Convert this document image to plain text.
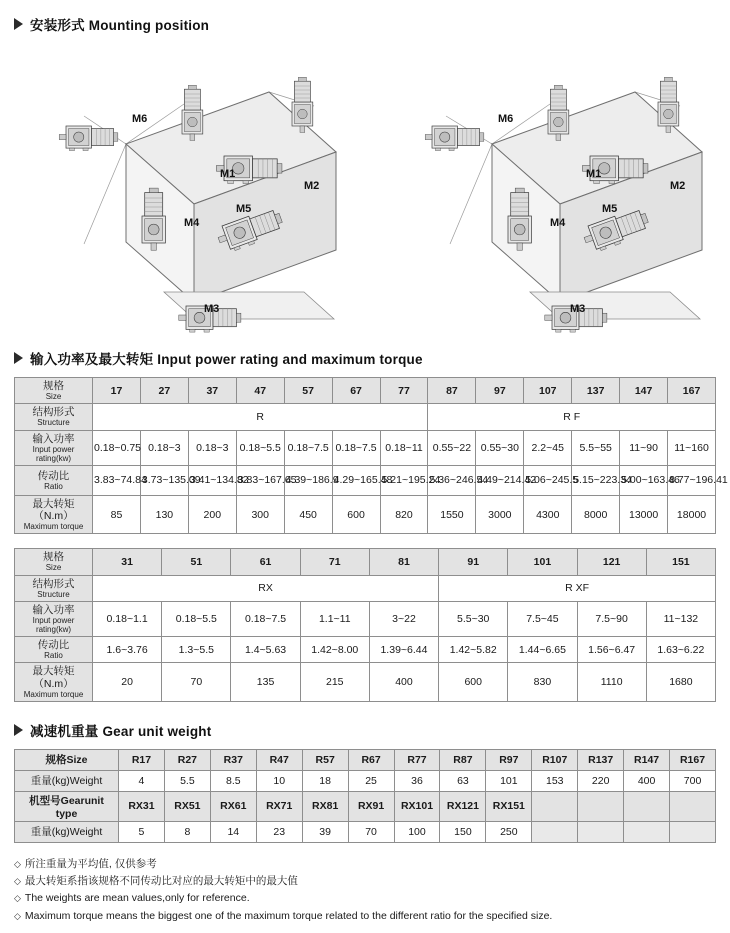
安装形式 Mounting position
M6
M1
M2
M5
M4
M3
M6
M1
M2
M5
M4
M3
输入功率及最大转矩 Input power rating and maximum torque
规格
Size	17	27	37	47	57	67	77	87	97	107	137	147	167

结构形式
Structure	R							R F					

输入功率
Input power rating(kw)	0.18~0.75	0.18~3	0.18~3	0.18~5.5	0.18~7.5	0.18~7.5	0.18~11	0.55~22	0.55~30	2.2~45	5.5~55	11~90	11~160

传动比
Ratio	3.83~74.84	3.73~135.09	3.41~134.82	3.83~167.65	4.39~186.9	4.29~165.48	5.21~195.24	5.36~246.54	4.49~214.42	5.06~245.5	5.15~223.34	5.00~163.46	8.77~196.41

最大转矩（N.m）
Maximum torque	85	130	200	300	450	600	820	1550	3000	4300	8000	13000	18000
规格
Size	31	51	61	71	81	91	101	121	151

结构形式
Structure	RX					R XF			

输入功率
Input power rating(kw)	0.18~1.1	0.18~5.5	0.18~7.5	1.1~11	3~22	5.5~30	7.5~45	7.5~90	11~132

传动比
Ratio	1.6~3.76	1.3~5.5	1.4~5.63	1.42~8.00	1.39~6.44	1.42~5.82	1.44~6.65	1.56~6.47	1.63~6.22

最大转矩（N.m）
Maximum torque	20	70	135	215	400	600	830	1110	1680
减速机重量 Gear unit weight
规格Size	R17	R27	R37	R47	R57	R67	R77	R87	R97	R107	R137	R147	R167
重量(kg)Weight	4	5.5	8.5	10	18	25	36	63	101	153	220	400	700
机型号Gearunit type	RX31	RX51	RX61	RX71	RX81	RX91	RX101	RX121	RX151				
重量(kg)Weight	5	8	14	23	39	70	100	150	250				
◇ 所注重量为平均值, 仅供参考
◇ 最大转矩系指该规格不同传动比对应的最大转矩中的最大值
◇ The weights are mean values,only for reference.
◇ Maximum torque means the biggest one of the maximum torque related to the different ratio for the specified size.
